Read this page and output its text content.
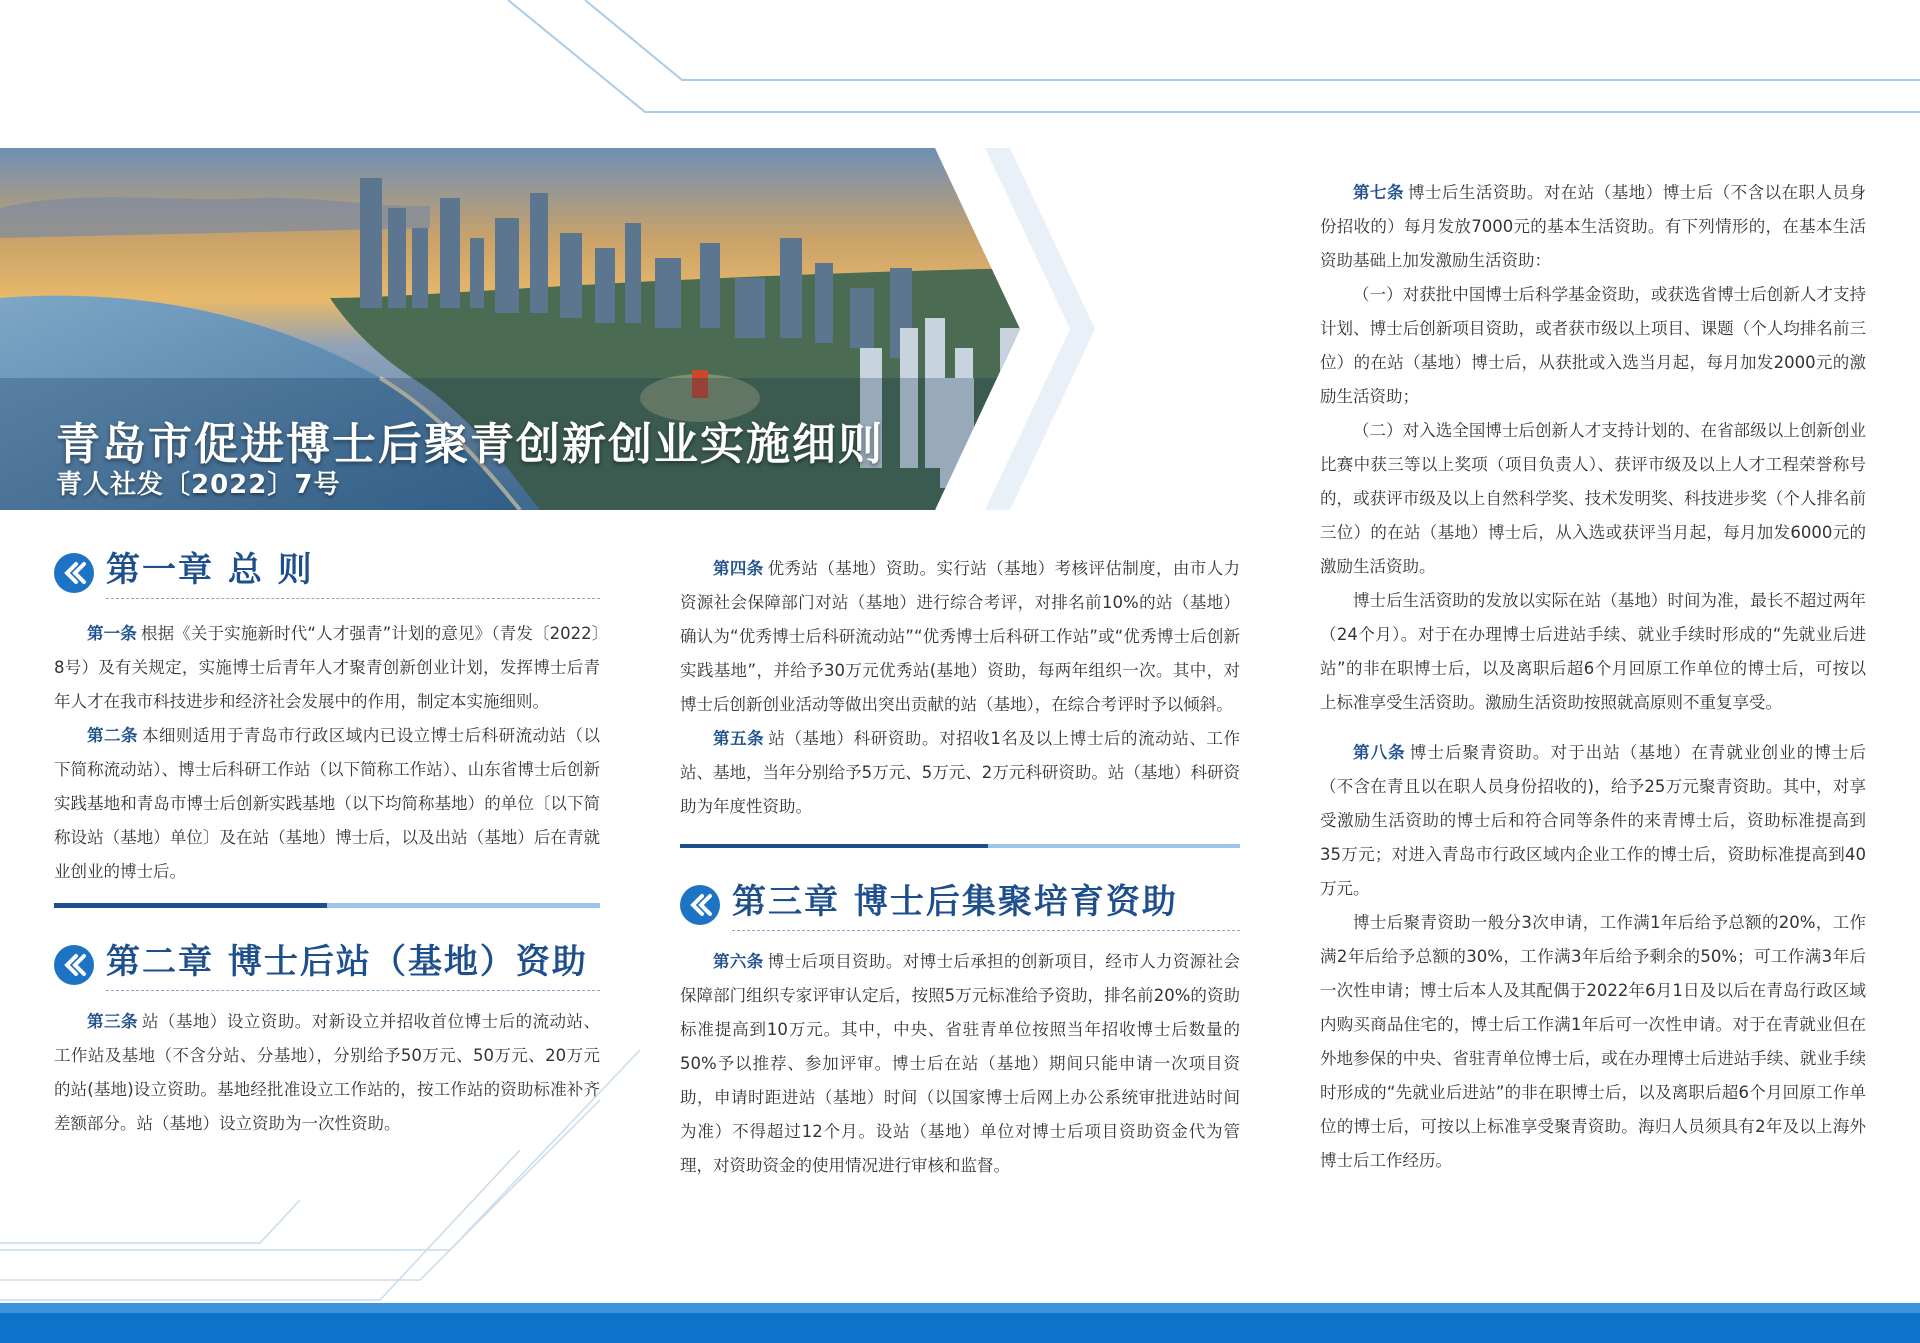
青岛市促进博士后聚青创新创业实施细则

青人社发〔2022〕7号

第一章 总 则

第一条 根据《关于实施新时代“人才强青”计划的意见》（青发〔2022〕8号）及有关规定，实施博士后青年人才聚青创新创业计划，发挥博士后青年人才在我市科技进步和经济社会发展中的作用，制定本实施细则。

第二条 本细则适用于青岛市行政区域内已设立博士后科研流动站（以下简称流动站）、博士后科研工作站（以下简称工作站）、山东省博士后创新实践基地和青岛市博士后创新实践基地（以下均简称基地）的单位〔以下简称设站（基地）单位〕及在站（基地）博士后，以及出站（基地）后在青就业创业的博士后。

第二章 博士后站（基地）资助

第三条 站（基地）设立资助。对新设立并招收首位博士后的流动站、工作站及基地（不含分站、分基地），分别给予50万元、50万元、20万元的站(基地)设立资助。基地经批准设立工作站的，按工作站的资助标准补齐差额部分。站（基地）设立资助为一次性资助。

第四条 优秀站（基地）资助。实行站（基地）考核评估制度，由市人力资源社会保障部门对站（基地）进行综合考评，对排名前10%的站（基地）确认为“优秀博士后科研流动站”“优秀博士后科研工作站”或“优秀博士后创新实践基地”，并给予30万元优秀站(基地）资助，每两年组织一次。其中，对博士后创新创业活动等做出突出贡献的站（基地），在综合考评时予以倾斜。

第五条 站（基地）科研资助。对招收1名及以上博士后的流动站、工作站、基地，当年分别给予5万元、5万元、2万元科研资助。站（基地）科研资助为年度性资助。

第三章 博士后集聚培育资助

第六条 博士后项目资助。对博士后承担的创新项目，经市人力资源社会保障部门组织专家评审认定后，按照5万元标准给予资助，排名前20%的资助标准提高到10万元。其中，中央、省驻青单位按照当年招收博士后数量的50%予以推荐、参加评审。博士后在站（基地）期间只能申请一次项目资助，申请时距进站（基地）时间（以国家博士后网上办公系统审批进站时间为准）不得超过12个月。设站（基地）单位对博士后项目资助资金代为管理，对资助资金的使用情况进行审核和监督。

第七条 博士后生活资助。对在站（基地）博士后（不含以在职人员身份招收的）每月发放7000元的基本生活资助。有下列情形的，在基本生活资助基础上加发激励生活资助：

（一）对获批中国博士后科学基金资助，或获选省博士后创新人才支持计划、博士后创新项目资助，或者获市级以上项目、课题（个人均排名前三位）的在站（基地）博士后，从获批或入选当月起，每月加发2000元的激励生活资助；

（二）对入选全国博士后创新人才支持计划的、在省部级以上创新创业比赛中获三等以上奖项（项目负责人）、获评市级及以上人才工程荣誉称号的，或获评市级及以上自然科学奖、技术发明奖、科技进步奖（个人排名前三位）的在站（基地）博士后，从入选或获评当月起，每月加发6000元的激励生活资助。

博士后生活资助的发放以实际在站（基地）时间为准，最长不超过两年（24个月）。对于在办理博士后进站手续、就业手续时形成的“先就业后进站”的非在职博士后，以及离职后超6个月回原工作单位的博士后，可按以上标准享受生活资助。激励生活资助按照就高原则不重复享受。

第八条 博士后聚青资助。对于出站（基地）在青就业创业的博士后（不含在青且以在职人员身份招收的)，给予25万元聚青资助。其中，对享受激励生活资助的博士后和符合同等条件的来青博士后，资助标准提高到35万元；对进入青岛市行政区域内企业工作的博士后，资助标准提高到40万元。

博士后聚青资助一般分3次申请，工作满1年后给予总额的20%，工作满2年后给予总额的30%，工作满3年后给予剩余的50%；可工作满3年后一次性申请；博士后本人及其配偶于2022年6月1日及以后在青岛行政区域内购买商品住宅的，博士后工作满1年后可一次性申请。对于在青就业但在外地参保的中央、省驻青单位博士后，或在办理博士后进站手续、就业手续时形成的“先就业后进站”的非在职博士后，以及离职后超6个月回原工作单位的博士后，可按以上标准享受聚青资助。海归人员须具有2年及以上海外博士后工作经历。
